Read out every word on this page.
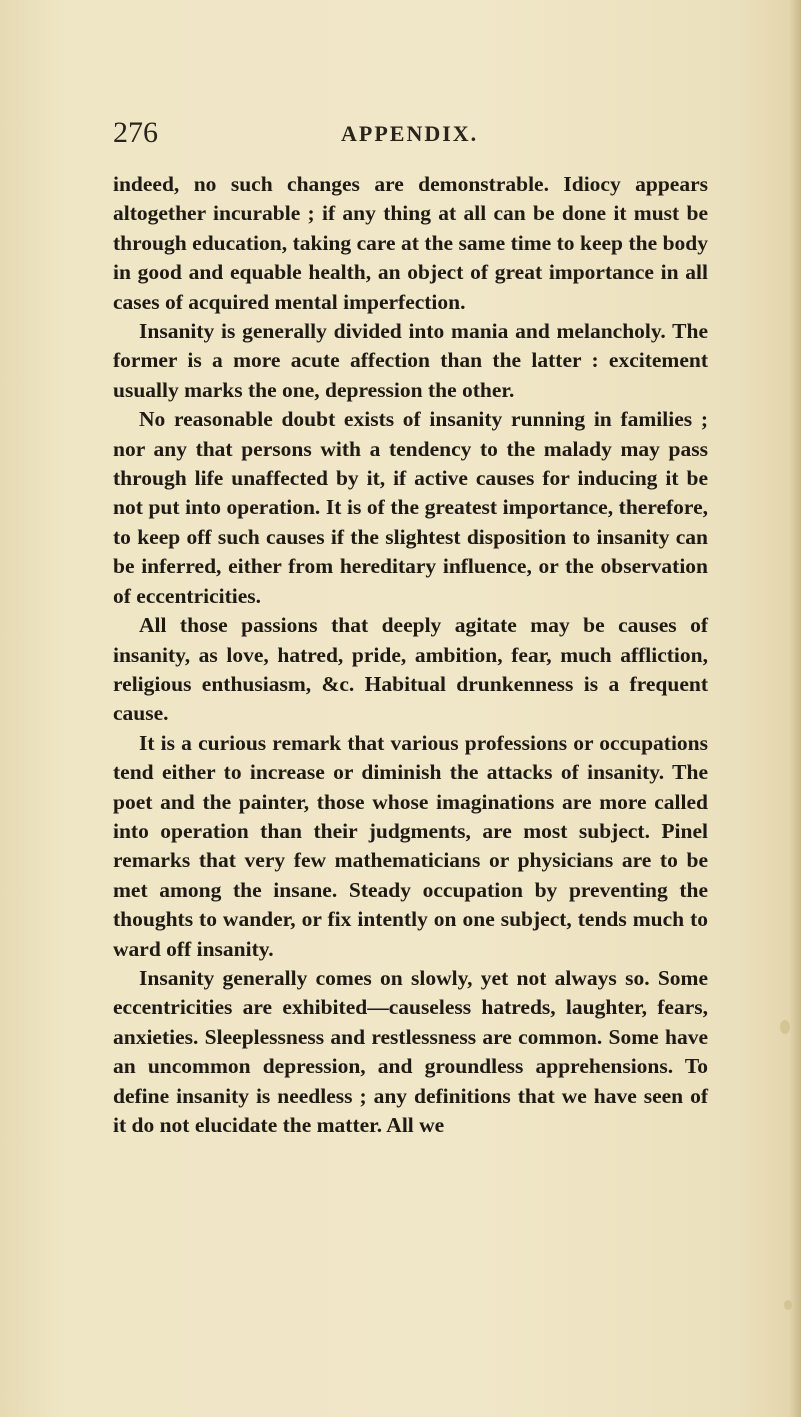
276	APPENDIX.

indeed, no such changes are demonstrable. Idiocy appears altogether incurable ; if any thing at all can be done it must be through education, taking care at the same time to keep the body in good and equable health, an object of great importance in all cases of acquired mental imperfection.

Insanity is generally divided into mania and melancholy. The former is a more acute affection than the latter : excitement usually marks the one, depression the other.

No reasonable doubt exists of insanity running in families ; nor any that persons with a tendency to the malady may pass through life unaffected by it, if active causes for inducing it be not put into operation. It is of the greatest importance, therefore, to keep off such causes if the slightest disposition to insanity can be inferred, either from hereditary influence, or the observation of eccentricities.

All those passions that deeply agitate may be causes of insanity, as love, hatred, pride, ambition, fear, much affliction, religious enthusiasm, &c. Habitual drunkenness is a frequent cause.

It is a curious remark that various professions or occupations tend either to increase or diminish the attacks of insanity. The poet and the painter, those whose imaginations are more called into operation than their judgments, are most subject. Pinel remarks that very few mathematicians or physicians are to be met among the insane. Steady occupation by preventing the thoughts to wander, or fix intently on one subject, tends much to ward off insanity.

Insanity generally comes on slowly, yet not always so. Some eccentricities are exhibited—causeless hatreds, laughter, fears, anxieties. Sleeplessness and restlessness are common. Some have an uncommon depression, and groundless apprehensions. To define insanity is needless ; any definitions that we have seen of it do not elucidate the matter. All we
